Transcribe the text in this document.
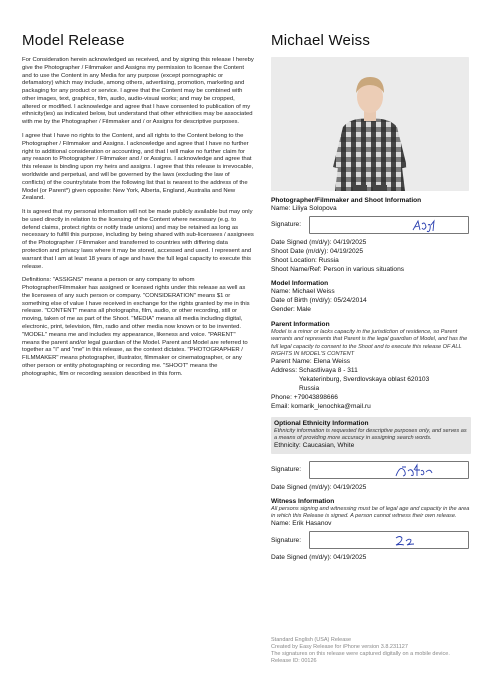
Model Release

For Consideration herein acknowledged as received, and by signing this release I hereby give the Photographer / Filmmaker and Assigns my permission to license the Content and to use the Content in any Media for any purpose (except pornographic or defamatory) which may include, among others, advertising, promotion, marketing and packaging for any product or service. I agree that the Content may be combined with other images, text, graphics, film, audio, audio-visual works; and may be cropped, altered or modified. I acknowledge and agree that I have consented to publication of my ethnicity(ies) as indicated below, but understand that other ethnicities may be associated with me by the Photographer / Filmmaker and / or Assigns for descriptive purposes.

I agree that I have no rights to the Content, and all rights to the Content belong to the Photographer / Filmmaker and Assigns. I acknowledge and agree that I have no further right to additional consideration or accounting, and that I will make no further claim for any reason to Photographer / Filmmaker and / or Assigns. I acknowledge and agree that this release is binding upon my heirs and assigns. I agree that this release is irrevocable, worldwide and perpetual, and will be governed by the laws (excluding the law of conflicts) of the country/state from the following list that is nearest to the address of the Model (or Parent*) given opposite: New York, Alberta, England, Australia and New Zealand.

It is agreed that my personal information will not be made publicly available but may only be used directly in relation to the licensing of the Content where necessary (e.g. to defend claims, protect rights or notify trade unions) and may be retained as long as necessary to fulfill this purpose, including by being shared with sub-licensees / assignees of the Photographer / Filmmaker and transferred to countries with differing data protection and privacy laws where it may be stored, accessed and used. I represent and warrant that I am at least 18 years of age and have the full legal capacity to execute this release.

Definitions: "ASSIGNS" means a person or any company to whom Photographer/Filmmaker has assigned or licensed rights under this release as well as the licensees of any such person or company. "CONSIDERATION" means $1 or something else of value I have received in exchange for the rights granted by me in this release. "CONTENT" means all photographs, film, audio, or other recording, still or moving, taken of me as part of the Shoot. "MEDIA" means all media including digital, electronic, print, television, film, radio and other media now known or to be invented. "MODEL" means me and includes my appearance, likeness and voice. "PARENT" means the parent and/or legal guardian of the Model. Parent and Model are referred to together as "I" and "me" in this release, as the context dictates. "PHOTOGRAPHER / FILMMAKER" means photographer, illustrator, filmmaker or cinematographer, or any other person or entity photographing or recording me. "SHOOT" means the photographic, film or recording session described in this form.

Michael Weiss
Photographer/Filmmaker and Shoot Information
Name: Liliya Solopova
Signature:
Date Signed (m/d/y): 04/19/2025
Shoot Date (m/d/y): 04/19/2025
Shoot Location: Russia
Shoot Name/Ref: Person in various situations
Model Information
Name: Michael Weiss
Date of Birth (m/d/y): 05/24/2014
Gender: Male
Parent Information
Model is a minor or lacks capacity in the jurisdiction of residence, so Parent warrants and represents that Parent is the legal guardian of Model, and has the full legal capacity to consent to the Shoot and to execute this release OF ALL RIGHTS IN MODEL'S CONTENT
Parent Name: Elena Weiss
Address: Schastlivaya 8 - 311
Yekaterinburg, Sverdlovskaya oblast 620103
Russia
Phone: +79043898666
Email: komarik_lenochka@mail.ru
Optional Ethnicity Information
Ethnicity information is requested for descriptive purposes only, and serves as a means of providing more accuracy in assigning search words.
Ethnicity: Caucasian, White
Signature:
Date Signed (m/d/y): 04/19/2025
Witness Information
All persons signing and witnessing must be of legal age and capacity in the area in which this Release is signed. A person cannot witness their own release.
Name: Erik Hasanov
Signature:
Date Signed (m/d/y): 04/19/2025
Standard English (USA) Release
Created by Easy Release for iPhone version 3.8.231127
The signatures on this release were captured digitally on a mobile device.
Release ID: 00126
